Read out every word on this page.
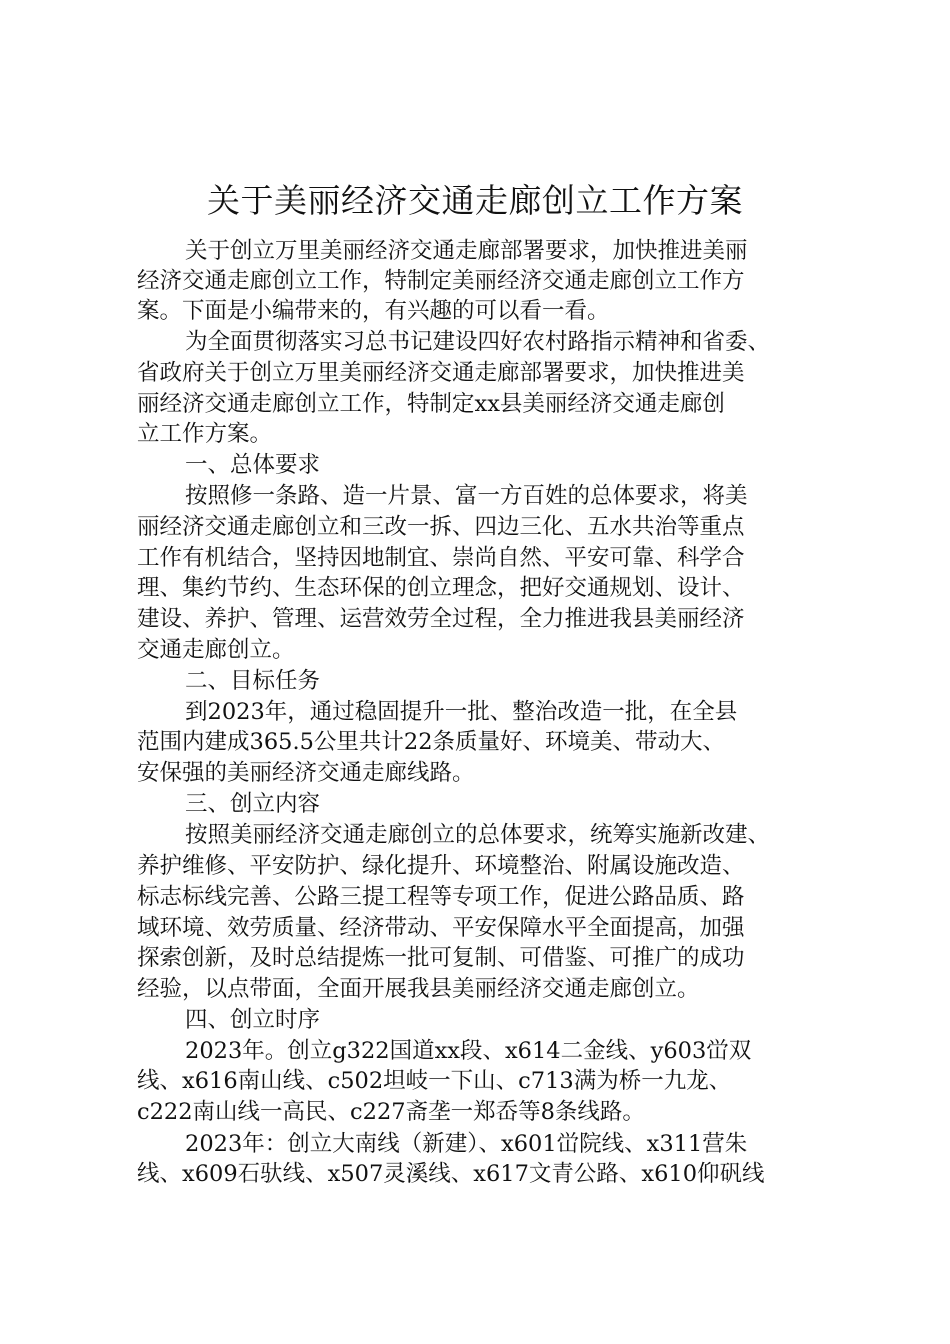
关于美丽经济交通走廊创立工作方案
关于创立万里美丽经济交通走廊部署要求，加快推进美丽
经济交通走廊创立工作，特制定美丽经济交通走廊创立工作方
案。下面是小编带来的，有兴趣的可以看一看。
为全面贯彻落实习总书记建设四好农村路指示精神和省委、
省政府关于创立万里美丽经济交通走廊部署要求，加快推进美
丽经济交通走廊创立工作，特制定xx县美丽经济交通走廊创
立工作方案。
一、总体要求
按照修一条路、造一片景、富一方百姓的总体要求，将美
丽经济交通走廊创立和三改一拆、四边三化、五水共治等重点
工作有机结合，坚持因地制宜、崇尚自然、平安可靠、科学合
理、集约节约、生态环保的创立理念，把好交通规划、设计、
建设、养护、管理、运营效劳全过程，全力推进我县美丽经济
交通走廊创立。
二、目标任务
到2023年，通过稳固提升一批、整治改造一批，在全县
范围内建成365.5公里共计22条质量好、环境美、带动大、
安保强的美丽经济交通走廊线路。
三、创立内容
按照美丽经济交通走廊创立的总体要求，统筹实施新改建、
养护维修、平安防护、绿化提升、环境整治、附属设施改造、
标志标线完善、公路三提工程等专项工作，促进公路品质、路
域环境、效劳质量、经济带动、平安保障水平全面提高，加强
探索创新，及时总结提炼一批可复制、可借鉴、可推广的成功
经验，以点带面，全面开展我县美丽经济交通走廊创立。
四、创立时序
2023年。创立g322国道xx段、x614二金线、y603峃双
线、x616南山线、c502坦岐一下山、c713满为桥一九龙、
c222南山线一高民、c227斋垄一郑岙等8条线路。
2023年：创立大南线（新建）、x601峃院线、x311营朱
线、x609石驮线、x507灵溪线、x617文青公路、x610仰矾线
